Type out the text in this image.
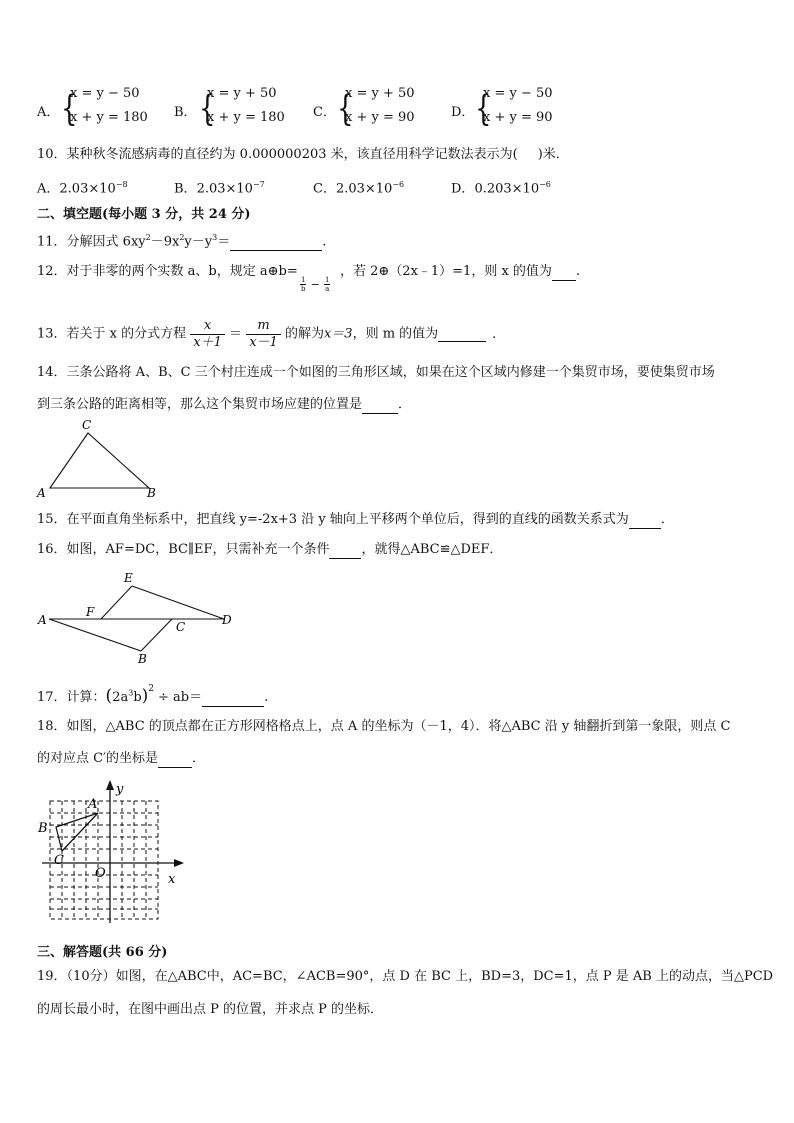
A． {
x = y − 50
x + y = 180 B． {
x = y + 50
x + y = 180 C． {
x = y + 50
x + y = 90	D． {
x = y − 50
x + y = 90
10．某种秋冬流感病毒的直径约为 0.000000203 米，该直径用科学记数法表示为( )米．
A．$2.03\times 10^{-8}$	B．$2.03\times 10^{-7}$	C．$2.03\times 10^{-6}$	D．$0.203\times 10^{-6}$
二、填空题(每小题 3 分，共 24 分)
11．分解因式 $6xy^2-9x^2y-y^3=$	.
12．对于非零的两个实数 a、b，规定 a⊕b=
$\frac{1}{b} - \frac{1}{a}$
，若 2⊕（2x﹣1）=1，则 x 的值为 .
13．若关于 x 的分式方程 $\frac{x}{x+1} = \frac{m}{x-1}$ 的解为x＝3，则 m 的值为	.
14．三条公路将 A、B、C 三个村庄连成一个如图的三角形区域，如果在这个区域内修建一个集贸市场，要使集贸市场
到三条公路的距离相等，那么这个集贸市场应建的位置是	．
C
A	B
15．在平面直角坐标系中，把直线 y=-2x+3 沿 y 轴向上平移两个单位后，得到的直线的函数关系式为 ．
16．如图，AF=DC，BC∥EF，只需补充一个条件 ，就得△ABC≌△DEF．
A
F
E
C
B
D
17．计算：$(2a^3b)^2\div ab=$	.
18．如图，△ABC 的顶点都在正方形网格格点上，点 A 的坐标为（－1，4）．将△ABC 沿 y 轴翻折到第一象限，则点 C
的对应点 C′的坐标是	．
A
B
C
O	x
y
三、解答题(共 66 分)
19．（10分）如图，在△ABC中，AC=BC，∠ACB=90°，点 D 在 BC 上，BD=3，DC=1，点 P 是 AB 上的动点，当△PCD
的周长最小时，在图中画出点 P 的位置，并求点 P 的坐标．
